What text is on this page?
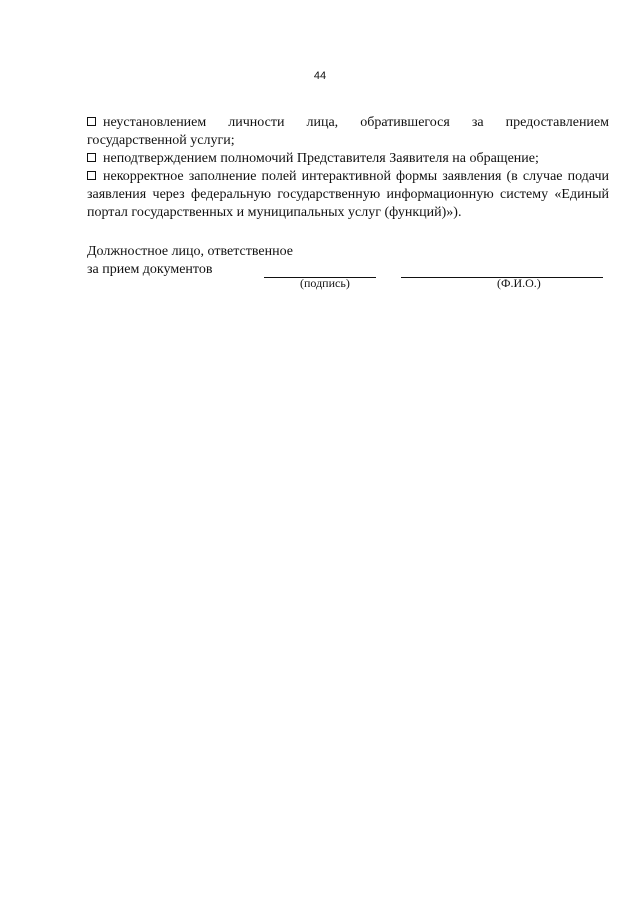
44

неустановлением личности лица, обратившегося за предоставлением государственной услуги;

неподтверждением полномочий Представителя Заявителя на обращение;

некорректное заполнение полей интерактивной формы заявления (в случае подачи заявления через федеральную государственную информационную систему «Единый портал государственных и муниципальных услуг (функций)»).

Должностное лицо, ответственное

за прием документов
(подпись)	(Ф.И.О.)
